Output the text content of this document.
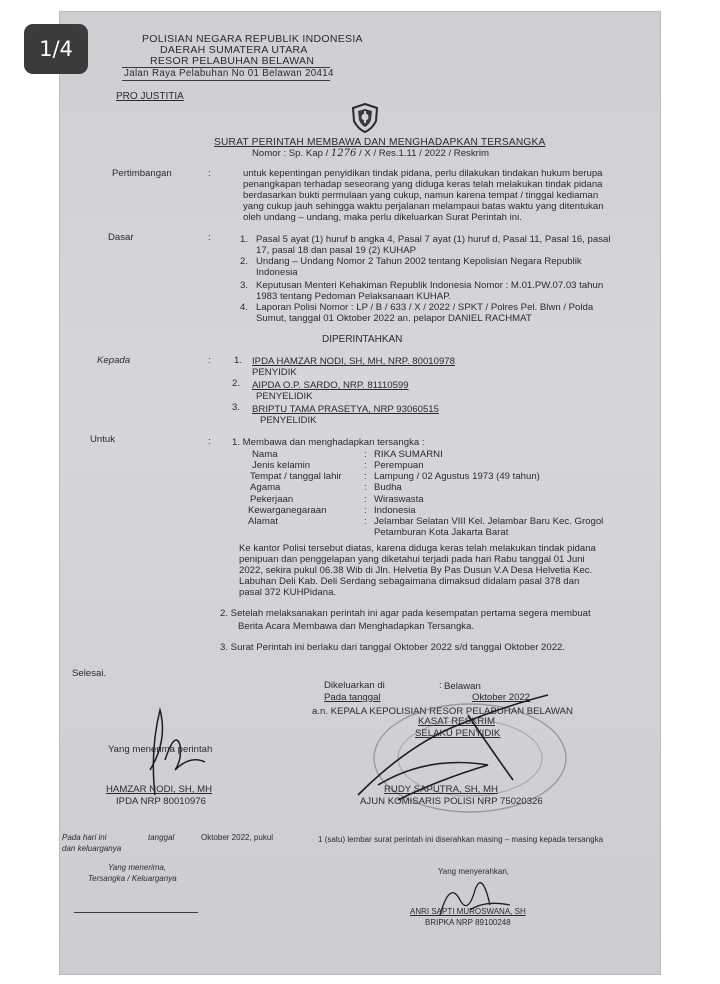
1/4	POLISIAN NEGARA REPUBLIK INDONESIA
DAERAH SUMATERA UTARA
RESOR PELABUHAN BELAWAN
Jalan Raya Pelabuhan No 01 Belawan 20414
PRO JUSTITIA
SURAT PERINTAH MEMBAWA DAN MENGHADAPKAN TERSANGKA
Nomor : Sp. Kap / 1276 / X / Res.1.11 / 2022 / Reskrim
Pertimbangan	:	untuk kepentingan penyidikan tindak pidana, perlu dilakukan tindakan hukum berupa
penangkapan terhadap seseorang yang diduga keras telah melakukan tindak pidana
berdasarkan bukti permulaan yang cukup, namun karena tempat / tinggal kediaman
yang cukup jauh sehingga waktu perjalanan melampaui batas waktu yang ditentukan
oleh undang – undang, maka perlu dikeluarkan Surat Perintah ini.
Dasar	:	1. Pasal 5 ayat (1) huruf b angka 4, Pasal 7 ayat (1) huruf d, Pasal 11, Pasal 16, pasal
17, pasal 18 dan pasal 19 (2) KUHAP
2. Undang – Undang Nomor 2 Tahun 2002 tentang Kepolisian Negara Republik
Indonesia
3. Keputusan Menteri Kehakiman Republik Indonesia Nomor : M.01.PW.07.03 tahun
1983 tentang Pedoman Pelaksanaan KUHAP.
4. Laporan Polisi Nomor : LP / B / 633 / X / 2022 / SPKT / Polres Pel. Blwn / Polda
Sumut, tanggal 01 Oktober 2022 an. pelapor DANIEL RACHMAT
DIPERINTAHKAN
Kepada	: 1. IPDA HAMZAR NODI, SH, MH, NRP. 80010978
PENYIDIK
2. AIPDA O.P. SARDO, NRP. 81110599
PENYELIDIK
3. BRIPTU TAMA PRASETYA, NRP 93060515
PENYELIDIK
Untuk	: 1. Membawa dan menghadapkan tersangka :
Nama	: RIKA SUMARNI
Jenis kelamin	: Perempuan
Tempat / tanggal lahir : Lampung / 02 Agustus 1973 (49 tahun)
Agama	: Budha
Pekerjaan	: Wiraswasta
Kewarganegaraan	: Indonesia
Alamat	: Jelambar Selatan VIII Kel. Jelambar Baru Kec. Grogol
Petamburan Kota Jakarta Barat
Ke kantor Polisi tersebut diatas, karena diduga keras telah melakukan tindak pidana
penipuan dan penggelapan yang diketahui terjadi pada hari Rabu tanggal 01 Juni
2022, sekira pukul 06.38 Wib di Jln. Helvetia By Pas Dusun V.A Desa Helvetia Kec.
Labuhan Deli Kab. Deli Serdang sebagaimana dimaksud didalam pasal 378 dan
pasal 372 KUHPidana.
2. Setelah melaksanakan perintah ini agar pada kesempatan pertama segera membuat
Berita Acara Membawa dan Menghadapkan Tersangka.
3. Surat Perintah ini berlaku dari tanggal Oktober 2022 s/d tanggal Oktober 2022.
Selesai.
Dikeluarkan di	: Belawan
Pada tanggal	Oktober 2022
a.n. KEPALA KEPOLISIAN RESOR PELABUHAN BELAWAN
KASAT RESKRIM
SELAKU PENYIDIK
RUDY SAPUTRA, SH, MH
AJUN KOMISARIS POLISI NRP 75020326
Yang menerima perintah
HAMZAR NODI, SH, MH
IPDA NRP 80010976
Pada hari ini	tanggal	Oktober 2022, pukul
dan keluarganya
1 (satu) lembar surat perintah ini diserahkan masing – masing kepada tersangka
Yang menerima,
Tersangka / Keluarganya
Yang menyerahkan,
ANRI SAPTI MUROSWANA, SH
BRIPKA NRP 89100248
